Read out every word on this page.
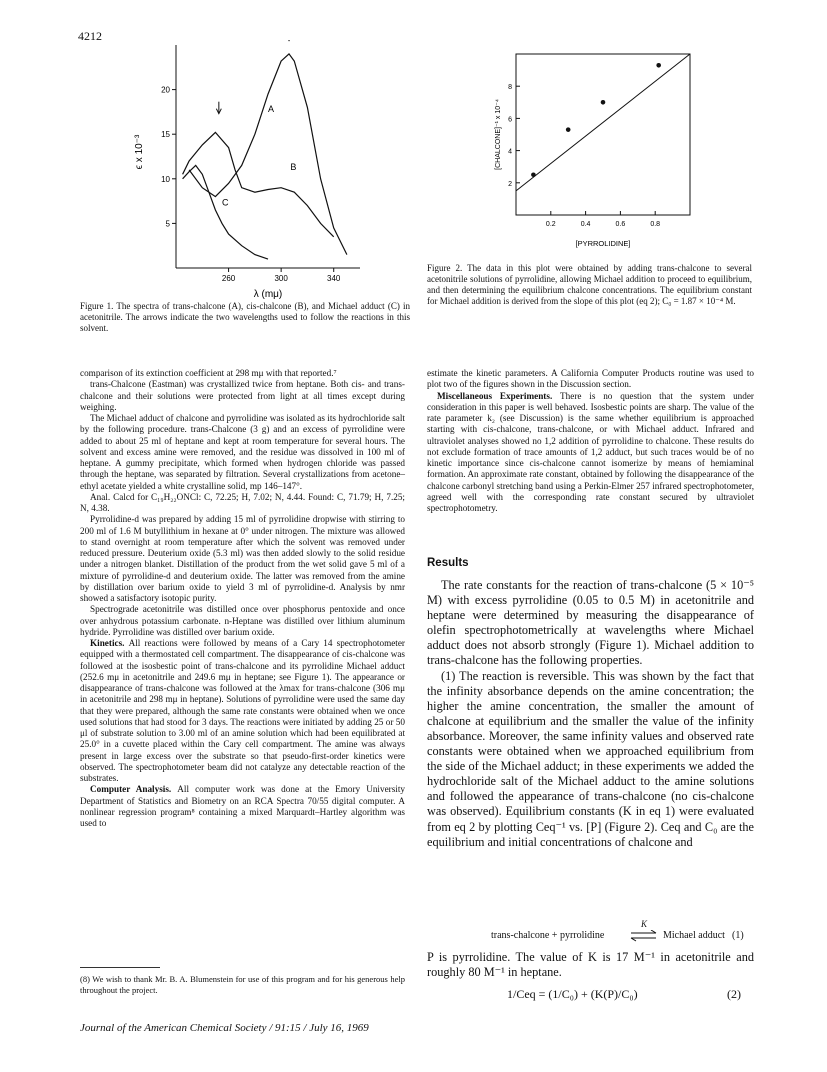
4212
5
10
15
20
260	300	340
λ (mμ)
ϵ x 10⁻³
A
B
C
Figure 1. The spectra of trans-chalcone (A), cis-chalcone (B), and Michael adduct (C) in acetonitrile. The arrows indicate the two wavelengths used to follow the reactions in this solvent.
2
4
6
8
0.2	0.4	0.6	0.8
[PYRROLIDINE]
[CHALCONE]⁻¹ x 10⁻⁴
Figure 2. The data in this plot were obtained by adding trans-chalcone to several acetonitrile solutions of pyrrolidine, allowing Michael addition to proceed to equilibrium, and then determining the equilibrium chalcone concentrations. The equilibrium constant for Michael addition is derived from the slope of this plot (eq 2); C₀ = 1.87 × 10⁻⁴ M.

comparison of its extinction coefficient at 298 mμ with that reported.⁷

trans-Chalcone (Eastman) was crystallized twice from heptane. Both cis- and trans-chalcone and their solutions were protected from light at all times except during weighing.

The Michael adduct of chalcone and pyrrolidine was isolated as its hydrochloride salt by the following procedure. trans-Chalcone (3 g) and an excess of pyrrolidine were added to about 25 ml of heptane and kept at room temperature for several hours. The solvent and excess amine were removed, and the residue was dissolved in 100 ml of heptane. A gummy precipitate, which formed when hydrogen chloride was passed through the heptane, was separated by filtration. Several crystallizations from acetone–ethyl acetate yielded a white crystalline solid, mp 146–147°.

Anal. Calcd for C₁₉H₂₂ONCl: C, 72.25; H, 7.02; N, 4.44. Found: C, 71.79; H, 7.25; N, 4.38.

Pyrrolidine-d was prepared by adding 15 ml of pyrrolidine dropwise with stirring to 200 ml of 1.6 M butyllithium in hexane at 0° under nitrogen. The mixture was allowed to stand overnight at room temperature after which the solvent was removed under reduced pressure. Deuterium oxide (5.3 ml) was then added slowly to the solid residue under a nitrogen blanket. Distillation of the product from the wet solid gave 5 ml of a mixture of pyrrolidine-d and deuterium oxide. The latter was removed from the amine by distillation over barium oxide to yield 3 ml of pyrrolidine-d. Analysis by nmr showed a satisfactory isotopic purity.

Spectrograde acetonitrile was distilled once over phosphorus pentoxide and once over anhydrous potassium carbonate. n-Heptane was distilled over lithium aluminum hydride. Pyrrolidine was distilled over barium oxide.

Kinetics. All reactions were followed by means of a Cary 14 spectrophotometer equipped with a thermostated cell compartment. The disappearance of cis-chalcone was followed at the isosbestic point of trans-chalcone and its pyrrolidine Michael adduct (252.6 mμ in acetonitrile and 249.6 mμ in heptane; see Figure 1). The appearance or disappearance of trans-chalcone was followed at the λmax for trans-chalcone (306 mμ in acetonitrile and 298 mμ in heptane). Solutions of pyrrolidine were used the same day that they were prepared, although the same rate constants were obtained when we once used solutions that had stood for 3 days. The reactions were initiated by adding 25 or 50 μl of substrate solution to 3.00 ml of an amine solution which had been equilibrated at 25.0° in a cuvette placed within the Cary cell compartment. The amine was always present in large excess over the substrate so that pseudo-first-order kinetics were observed. The spectrophotometer beam did not catalyze any detectable reaction of the substrates.

Computer Analysis. All computer work was done at the Emory University Department of Statistics and Biometry on an RCA Spectra 70/55 digital computer. A nonlinear regression program⁸ containing a mixed Marquardt–Hartley algorithm was used to

(8) We wish to thank Mr. B. A. Blumenstein for use of this program and for his generous help throughout the project.

estimate the kinetic parameters. A California Computer Products routine was used to plot two of the figures shown in the Discussion section.

Miscellaneous Experiments. There is no question that the system under consideration in this paper is well behaved. Isosbestic points are sharp. The value of the rate parameter k₂ (see Discussion) is the same whether equilibrium is approached starting with cis-chalcone, trans-chalcone, or with Michael adduct. Infrared and ultraviolet analyses showed no 1,2 addition of pyrrolidine to chalcone. These results do not exclude formation of trace amounts of 1,2 adduct, but such traces would be of no kinetic importance since cis-chalcone cannot isomerize by means of hemiaminal formation. An approximate rate constant, obtained by following the disappearance of the chalcone carbonyl stretching band using a Perkin-Elmer 257 infrared spectrophotometer, agreed well with the corresponding rate constant secured by ultraviolet spectrophotometry.

Results

The rate constants for the reaction of trans-chalcone (5 × 10⁻⁵ M) with excess pyrrolidine (0.05 to 0.5 M) in acetonitrile and heptane were determined by measuring the disappearance of olefin spectrophotometrically at wavelengths where Michael adduct does not absorb strongly (Figure 1). Michael addition to trans-chalcone has the following properties.

(1) The reaction is reversible. This was shown by the fact that the infinity absorbance depends on the amine concentration; the higher the amine concentration, the smaller the amount of chalcone at equilibrium and the smaller the value of the infinity absorbance. Moreover, the same infinity values and observed rate constants were obtained when we approached equilibrium from the side of the Michael adduct; in these experiments we added the hydrochloride salt of the Michael adduct to the amine solutions and followed the appearance of trans-chalcone (no cis-chalcone was observed). Equilibrium constants (K in eq 1) were evaluated from eq 2 by plotting Ceq⁻¹ vs. [P] (Figure 2). Ceq and C₀ are the equilibrium and initial concentrations of chalcone and

trans-chalcone + pyrrolidine
K
⇌ Michael adduct (1)
P is pyrrolidine. The value of K is 17 M⁻¹ in acetonitrile and roughly 80 M⁻¹ in heptane.
1/Ceq = (1/C₀) + (K(P)/C₀)	(2)
Journal of the American Chemical Society / 91:15 / July 16, 1969
